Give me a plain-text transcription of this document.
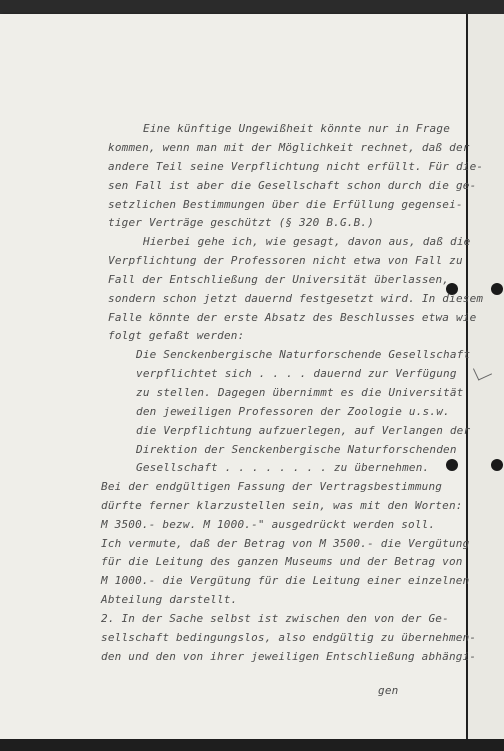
Eine künftige Ungewißheit könnte nur in Frage

kommen, wenn man mit der Möglichkeit rechnet, daß der

andere Teil seine Verpflichtung nicht erfüllt. Für die-

sen Fall ist aber die Gesellschaft schon durch die ge-

setzlichen Bestimmungen über die Erfüllung gegensei-

tiger Verträge geschützt (§ 320 B.G.B.)

Hierbei gehe ich, wie gesagt, davon aus, daß die

Verpflichtung der Professoren nicht etwa von Fall zu

Fall der Entschließung der Universität überlassen,

sondern schon jetzt dauernd festgesetzt wird. In diesem

Falle könnte der erste Absatz des Beschlusses etwa wie

folgt gefaßt werden:

Die Senckenbergische Naturforschende Gesellschaft

verpflichtet sich . . . . dauernd zur Verfügung

zu stellen. Dagegen übernimmt es die Universität

den jeweiligen Professoren der Zoologie u.s.w.

die Verpflichtung aufzuerlegen, auf Verlangen der

Direktion der Senckenbergische Naturforschenden

Gesellschaft . . . . . . . . zu übernehmen.

Bei der endgültigen Fassung der Vertragsbestimmung

dürfte ferner klarzustellen sein, was mit den Worten:

M 3500.- bezw. M 1000.-" ausgedrückt werden soll.

Ich vermute, daß der Betrag von M 3500.- die Vergütung

für die Leitung des ganzen Museums und der Betrag von

M 1000.- die Vergütung für die Leitung einer einzelnen

Abteilung darstellt.

2. In der Sache selbst ist zwischen den von der Ge-

sellschaft bedingungslos, also endgültig zu übernehmen-

den und den von ihrer jeweiligen Entschließung abhängi-

gen
